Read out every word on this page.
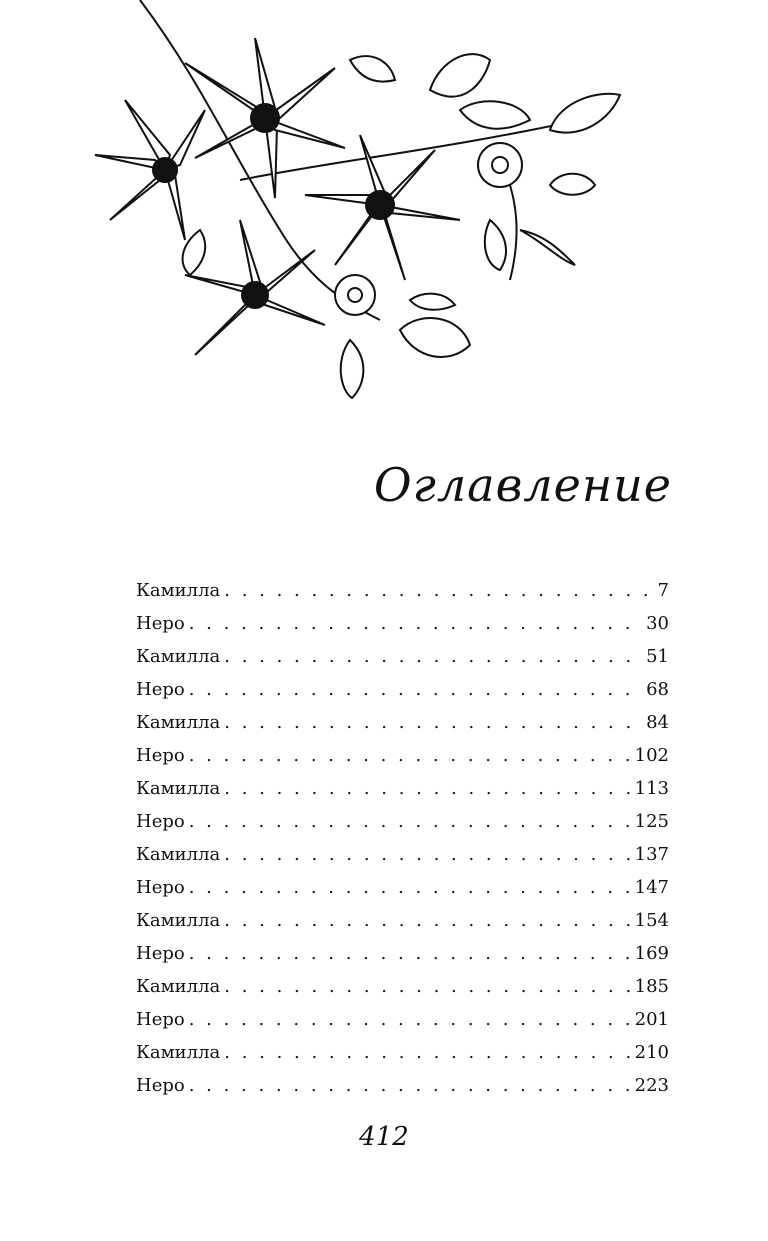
Оглавление
Камилла . . .	7
Неро . . .	30
Камилла . . .	51
Неро . . .	68
Камилла . . .	84
Неро . . .	102
Камилла . . .	113
Неро . . .	125
Камилла . . .	137
Неро . . .	147
Камилла . . .	154
Неро . . .	169
Камилла . . .	185
Неро . . .	201
Камилла . . .	210
Неро . . .	223
412
